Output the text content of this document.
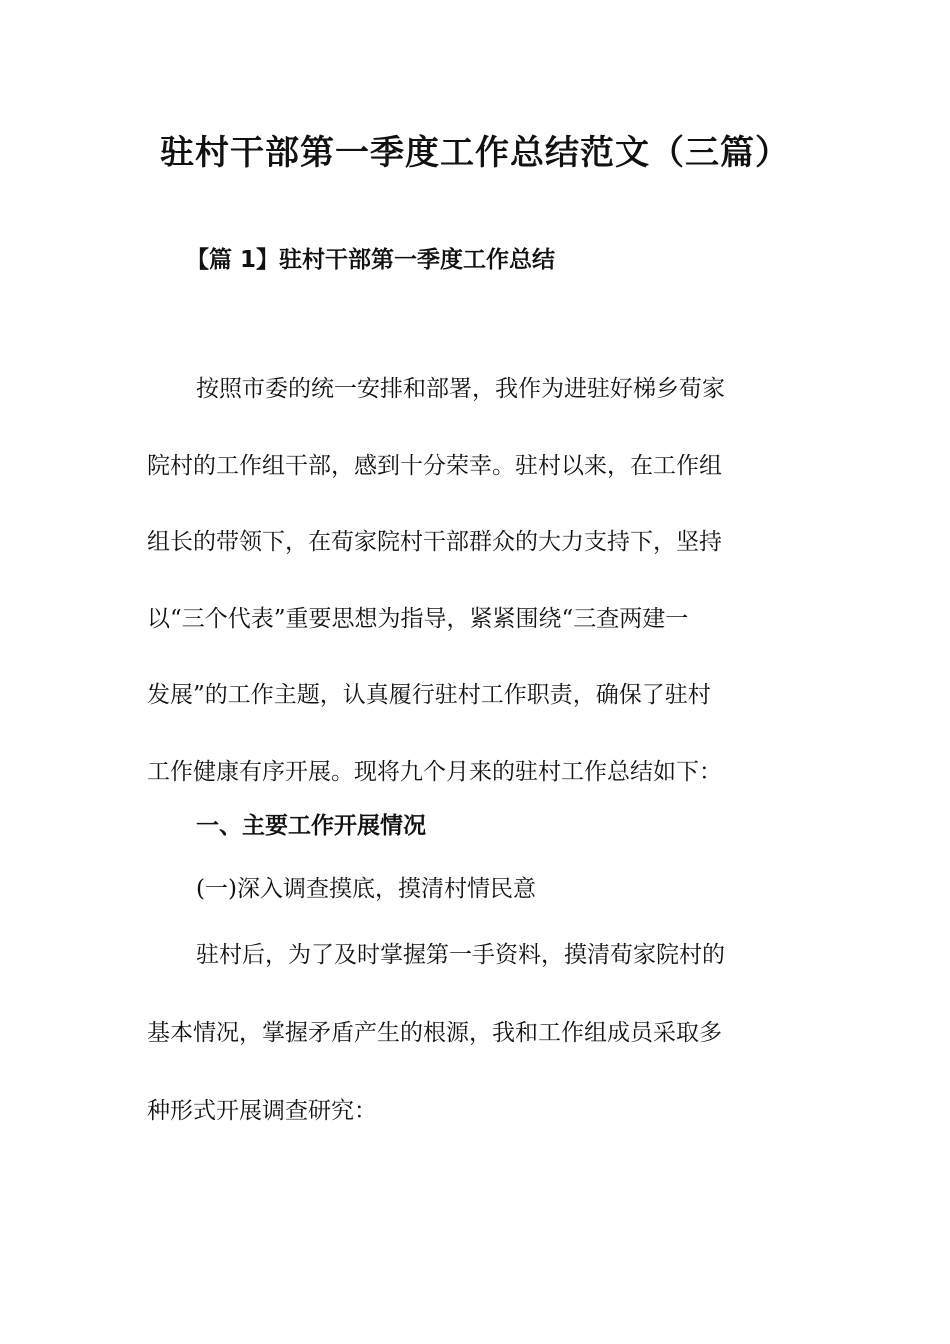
驻村干部第一季度工作总结范文（三篇）
【篇 1】驻村干部第一季度工作总结
按照市委的统一安排和部署，我作为进驻好梯乡荀家
院村的工作组干部，感到十分荣幸。驻村以来，在工作组
组长的带领下，在荀家院村干部群众的大力支持下，坚持
以“三个代表”重要思想为指导，紧紧围绕“三查两建一
发展”的工作主题，认真履行驻村工作职责，确保了驻村
工作健康有序开展。现将九个月来的驻村工作总结如下：
一、主要工作开展情况
(一)深入调查摸底，摸清村情民意
驻村后，为了及时掌握第一手资料，摸清荀家院村的
基本情况，掌握矛盾产生的根源，我和工作组成员采取多
种形式开展调查研究：
